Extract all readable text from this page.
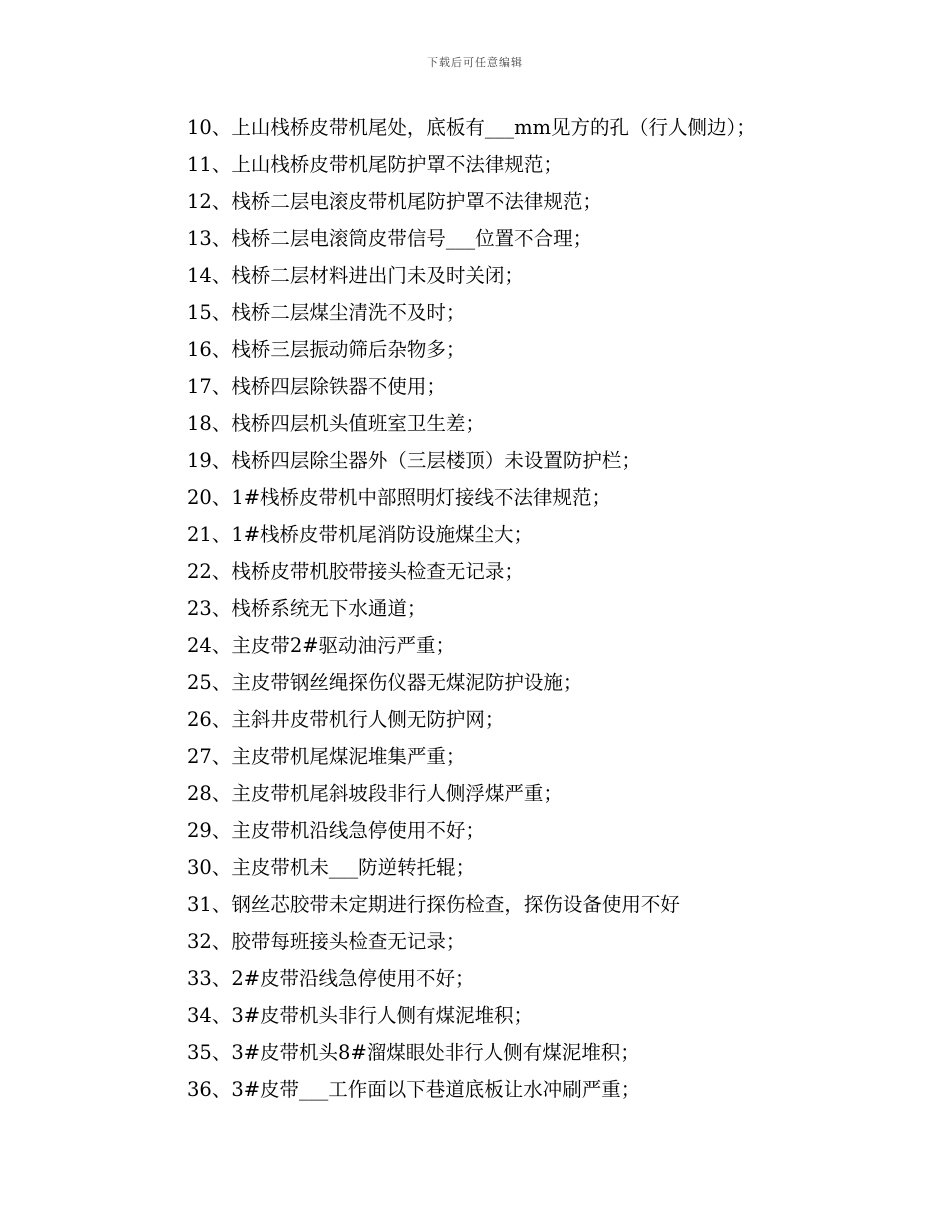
下载后可任意编辑
10、上山栈桥皮带机尾处，底板有___mm见方的孔（行人侧边）；
11、上山栈桥皮带机尾防护罩不法律规范；
12、栈桥二层电滚皮带机尾防护罩不法律规范；
13、栈桥二层电滚筒皮带信号___位置不合理；
14、栈桥二层材料进出门未及时关闭；
15、栈桥二层煤尘清洗不及时；
16、栈桥三层振动筛后杂物多；
17、栈桥四层除铁器不使用；
18、栈桥四层机头值班室卫生差；
19、栈桥四层除尘器外（三层楼顶）未设置防护栏；
20、1#栈桥皮带机中部照明灯接线不法律规范；
21、1#栈桥皮带机尾消防设施煤尘大；
22、栈桥皮带机胶带接头检查无记录；
23、栈桥系统无下水通道；
24、主皮带2#驱动油污严重；
25、主皮带钢丝绳探伤仪器无煤泥防护设施；
26、主斜井皮带机行人侧无防护网；
27、主皮带机尾煤泥堆集严重；
28、主皮带机尾斜坡段非行人侧浮煤严重；
29、主皮带机沿线急停使用不好；
30、主皮带机未___防逆转托辊；
31、钢丝芯胶带未定期进行探伤检查，探伤设备使用不好
32、胶带每班接头检查无记录；
33、2#皮带沿线急停使用不好；
34、3#皮带机头非行人侧有煤泥堆积；
35、3#皮带机头8#溜煤眼处非行人侧有煤泥堆积；
36、3#皮带___工作面以下巷道底板让水冲刷严重；
